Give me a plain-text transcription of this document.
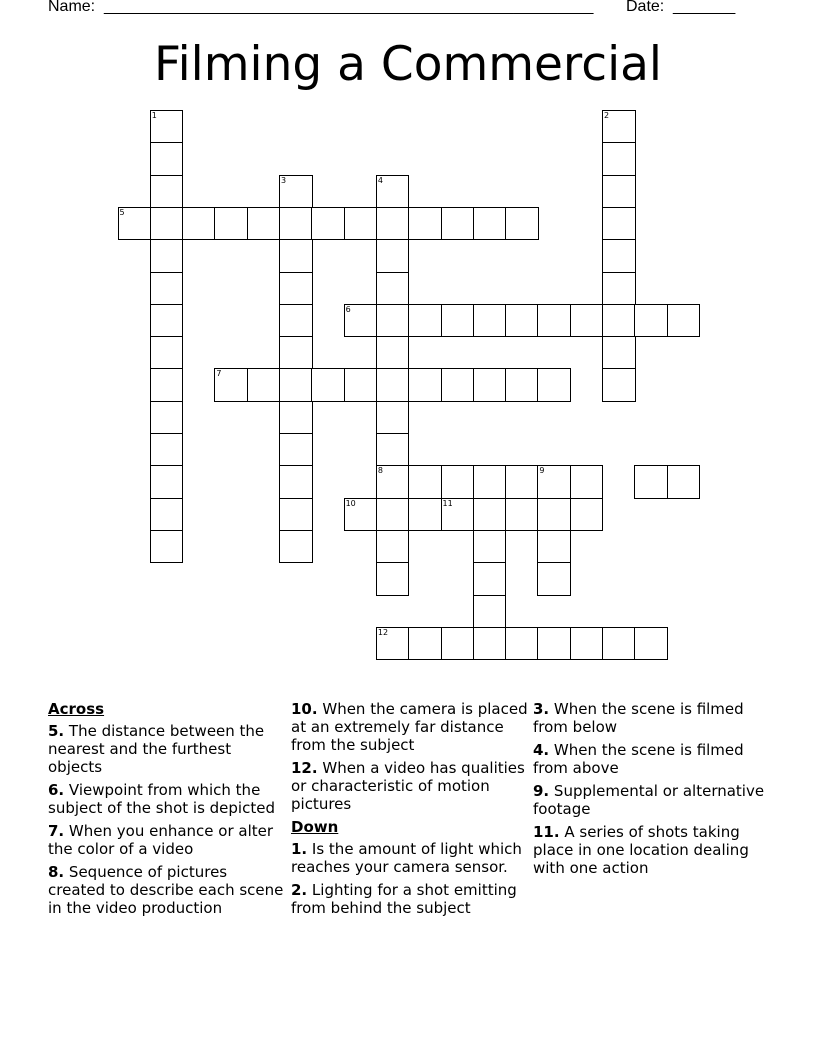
Name: _______________________________________________________ Date: _______
Filming a Commercial
1	2
3	4
5
6
7
8	9
10	11
12
Across
5. The distance between the nearest and the furthest objects
6. Viewpoint from which the subject of the shot is depicted
7. When you enhance or alter the color of a video
8. Sequence of pictures created to describe each scene in the video production
10. When the camera is placed at an extremely far distance from the subject
12. When a video has qualities or characteristic of motion pictures
Down
1. Is the amount of light which reaches your camera sensor.
2. Lighting for a shot emitting from behind the subject
3. When the scene is filmed from below
4. When the scene is filmed from above
9. Supplemental or alternative footage
11. A series of shots taking place in one location dealing with one action
